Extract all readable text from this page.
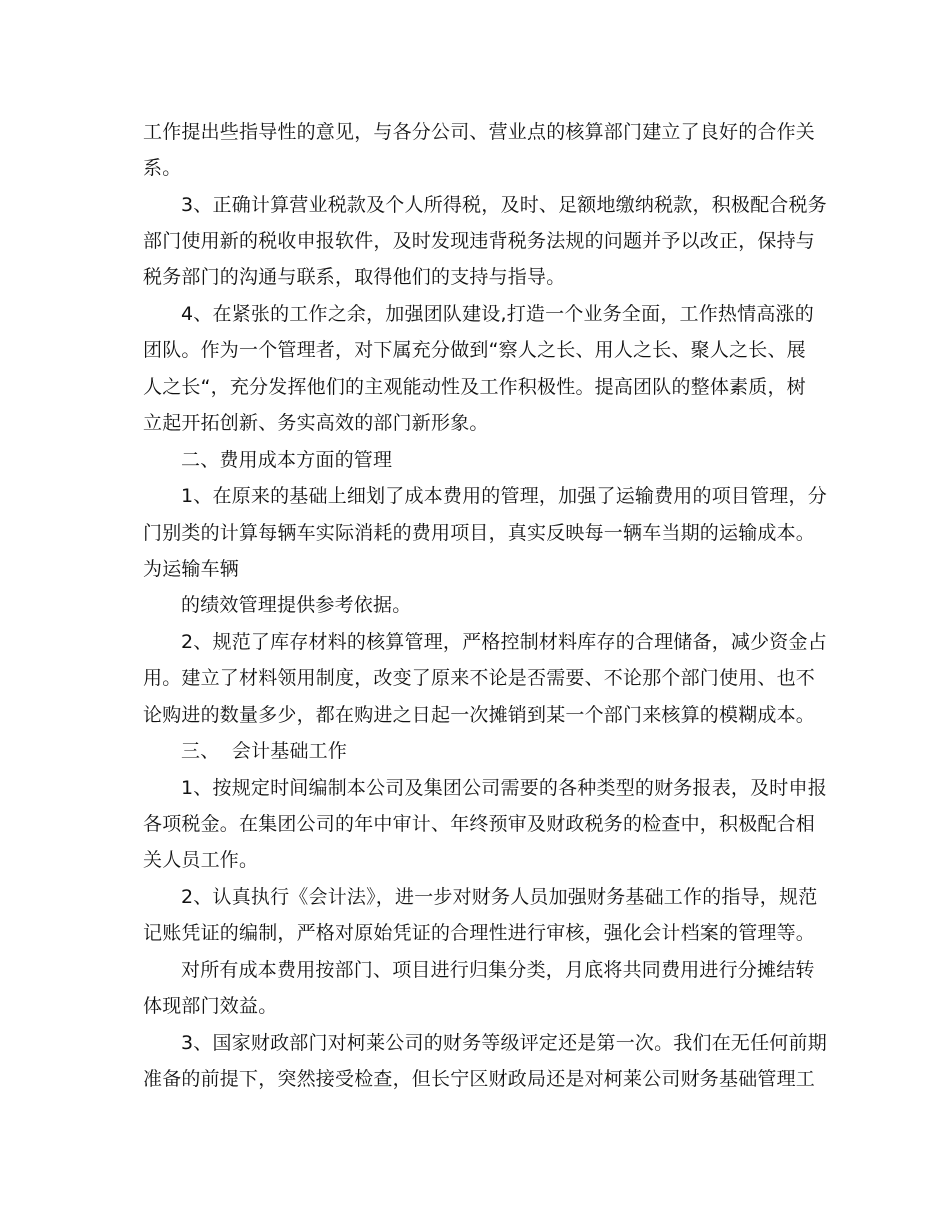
工作提出些指导性的意见，与各分公司、营业点的核算部门建立了良好的合作关

系。

3、正确计算营业税款及个人所得税，及时、足额地缴纳税款，积极配合税务

部门使用新的税收申报软件，及时发现违背税务法规的问题并予以改正，保持与

税务部门的沟通与联系，取得他们的支持与指导。

4、在紧张的工作之余，加强团队建设,打造一个业务全面，工作热情高涨的

团队。作为一个管理者，对下属充分做到“察人之长、用人之长、聚人之长、展

人之长“，充分发挥他们的主观能动性及工作积极性。提高团队的整体素质，树

立起开拓创新、务实高效的部门新形象。

二、费用成本方面的管理

1、在原来的基础上细划了成本费用的管理，加强了运输费用的项目管理，分

门别类的计算每辆车实际消耗的费用项目，真实反映每一辆车当期的运输成本。

为运输车辆

的绩效管理提供参考依据。

2、规范了库存材料的核算管理，严格控制材料库存的合理储备，减少资金占

用。建立了材料领用制度，改变了原来不论是否需要、不论那个部门使用、也不

论购进的数量多少，都在购进之日起一次摊销到某一个部门来核算的模糊成本。

三、  会计基础工作

1、按规定时间编制本公司及集团公司需要的各种类型的财务报表，及时申报

各项税金。在集团公司的年中审计、年终预审及财政税务的检查中，积极配合相

关人员工作。

2、认真执行《会计法》，进一步对财务人员加强财务基础工作的指导，规范

记账凭证的编制，严格对原始凭证的合理性进行审核，强化会计档案的管理等。

对所有成本费用按部门、项目进行归集分类，月底将共同费用进行分摊结转

体现部门效益。

3、国家财政部门对柯莱公司的财务等级评定还是第一次。我们在无任何前期

准备的前提下，突然接受检查，但长宁区财政局还是对柯莱公司财务基础管理工
